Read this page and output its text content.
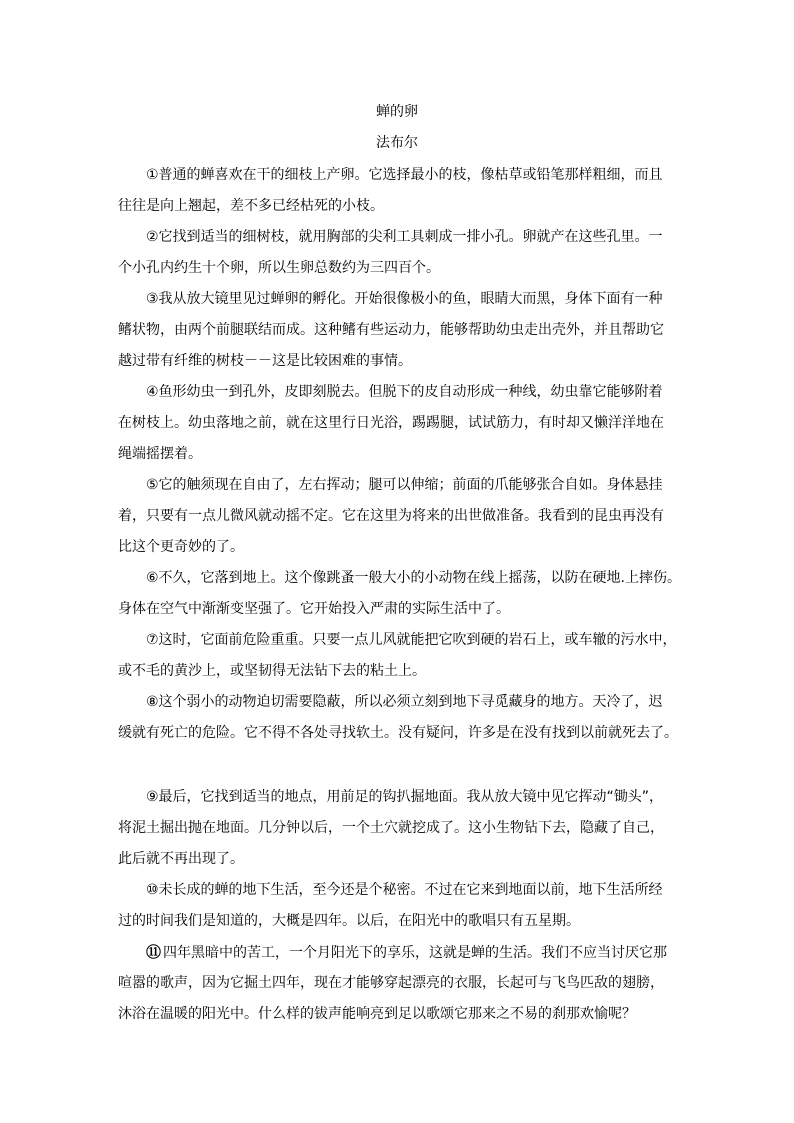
蝉的卵
法布尔
①普通的蝉喜欢在干的细枝上产卵。它选择最小的枝，像枯草或铅笔那样粗细，而且
往往是向上翘起，差不多已经枯死的小枝。
②它找到适当的细树枝，就用胸部的尖利工具刺成一排小孔。卵就产在这些孔里。一
个小孔内约生十个卵，所以生卵总数约为三四百个。
③我从放大镜里见过蝉卵的孵化。开始很像极小的鱼，眼睛大而黑，身体下面有一种
鳍状物，由两个前腿联结而成。这种鳍有些运动力，能够帮助幼虫走出壳外，并且帮助它
越过带有纤维的树枝－－这是比较困难的事情。
④鱼形幼虫一到孔外，皮即刻脱去。但脱下的皮自动形成一种线，幼虫靠它能够附着
在树枝上。幼虫落地之前，就在这里行日光浴，踢踢腿，试试筋力，有时却又懒洋洋地在
绳端摇摆着。
⑤它的触须现在自由了，左右挥动；腿可以伸缩；前面的爪能够张合自如。身体悬挂
着，只要有一点儿微风就动摇不定。它在这里为将来的出世做准备。我看到的昆虫再没有
比这个更奇妙的了。
⑥不久，它落到地上。这个像跳蚤一般大小的小动物在线上摇荡，以防在硬地.上摔伤。
身体在空气中渐渐变坚强了。它开始投入严肃的实际生活中了。
⑦这时，它面前危险重重。只要一点儿风就能把它吹到硬的岩石上，或车辙的污水中，
或不毛的黄沙上，或坚韧得无法钻下去的粘土上。
⑧这个弱小的动物迫切需要隐蔽，所以必须立刻到地下寻觅藏身的地方。天冷了，迟
缓就有死亡的危险。它不得不各处寻找软土。没有疑问，许多是在没有找到以前就死去了。
⑨最后，它找到适当的地点，用前足的钩扒掘地面。我从放大镜中见它挥动“锄头”，
将泥土掘出抛在地面。几分钟以后，一个土穴就挖成了。这小生物钻下去，隐藏了自己，
此后就不再出现了。
⑩未长成的蝉的地下生活，至今还是个秘密。不过在它来到地面以前，地下生活所经
过的时间我们是知道的，大概是四年。以后，在阳光中的歌唱只有五星期。
⑪ 四年黑暗中的苦工，一个月阳光下的享乐，这就是蝉的生活。我们不应当讨厌它那
喧嚣的歌声，因为它掘土四年，现在才能够穿起漂亮的衣服，长起可与飞鸟匹敌的翅膀，
沐浴在温暖的阳光中。什么样的钹声能响亮到足以歌颂它那来之不易的刹那欢愉呢？
